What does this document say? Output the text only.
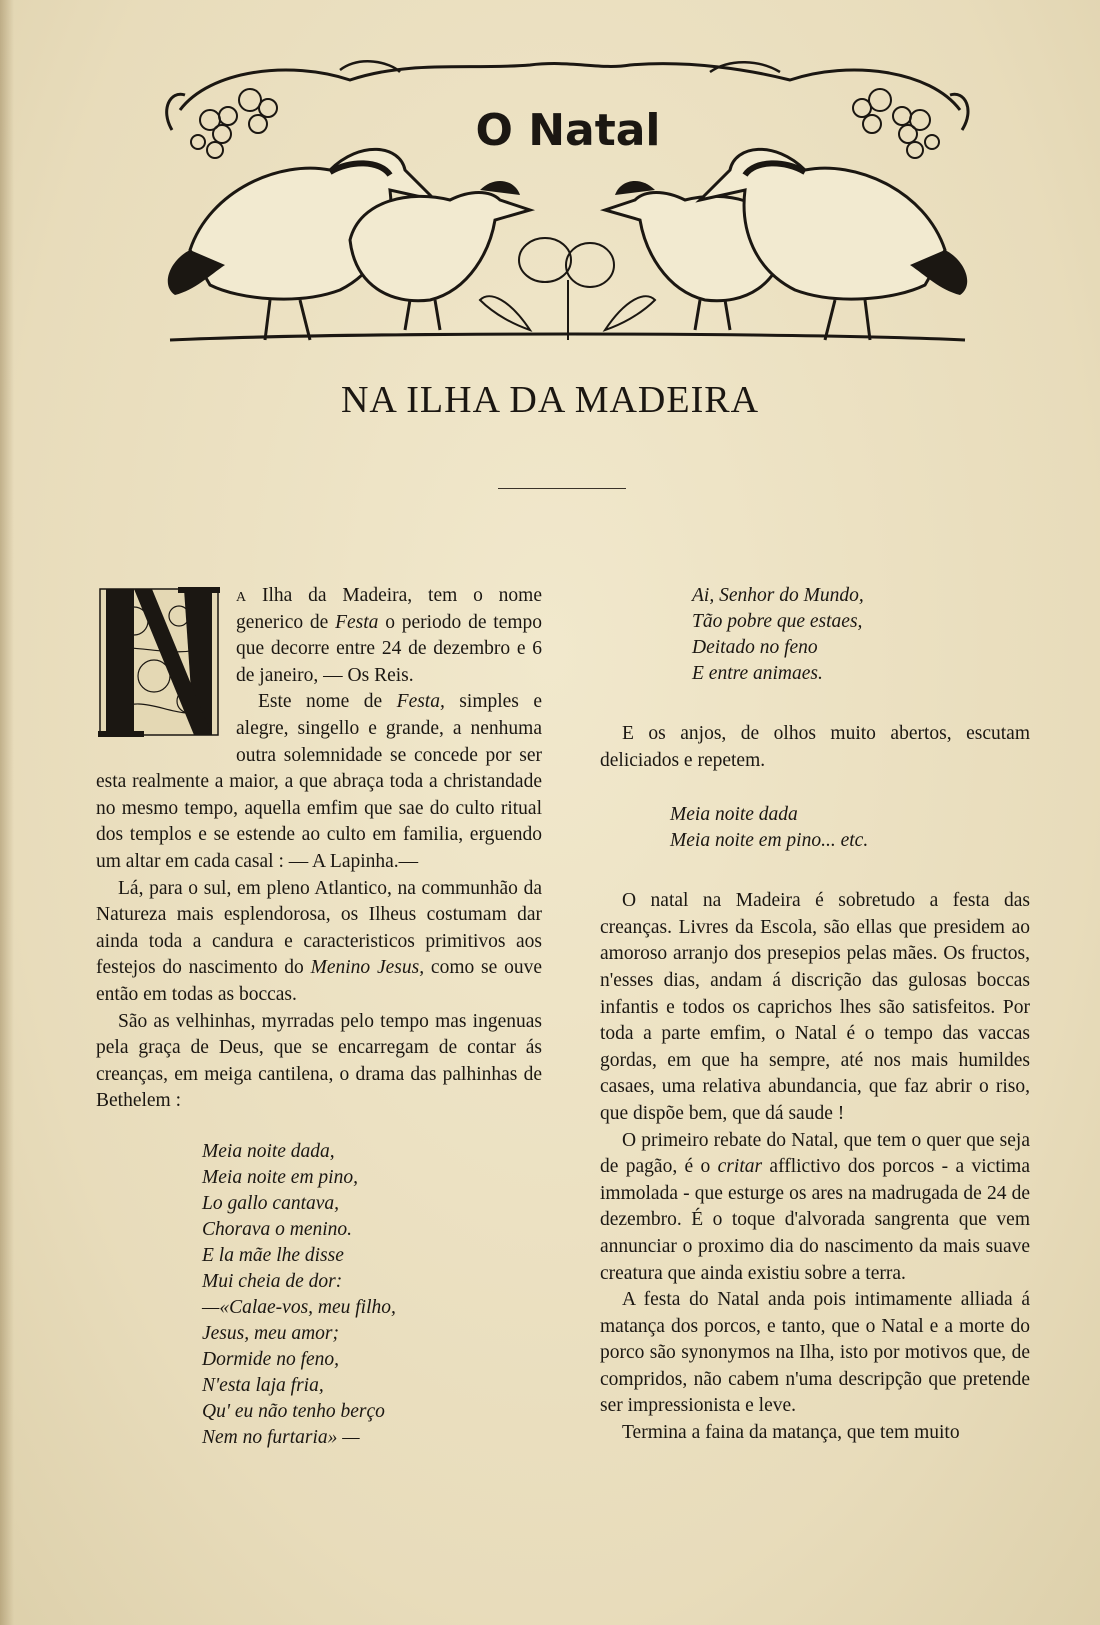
O Natal
NA ILHA DA MADEIRA

a Ilha da Madeira, tem o nome generico de Festa o periodo de tempo que decorre entre 24 de dezembro e 6 de janeiro, — Os Reis.

Este nome de Festa, simples e alegre, singello e grande, a nenhuma outra solemnidade se concede por ser esta realmente a maior, a que abraça toda a christandade no mesmo tempo, aquella emfim que sae do culto ritual dos templos e se estende ao culto em familia, erguendo um altar em cada casal : — A Lapinha.—

Lá, para o sul, em pleno Atlantico, na communhão da Natureza mais esplendorosa, os Ilheus costumam dar ainda toda a candura e caracteristicos primitivos aos festejos do nascimento do Menino Jesus, como se ouve então em todas as boccas.

São as velhinhas, myrradas pelo tempo mas ingenuas pela graça de Deus, que se encarregam de contar ás creanças, em meiga cantilena, o drama das palhinhas de Bethelem :

Meia noite dada,
Meia noite em pino,
Lo gallo cantava,
Chorava o menino.
E la mãe lhe disse
Mui cheia de dor:
—«Calae-vos, meu filho,
Jesus, meu amor;
Dormide no feno,
N'esta laja fria,
Qu' eu não tenho berço
Nem no furtaria» —
Ai, Senhor do Mundo,
Tão pobre que estaes,
Deitado no feno
E entre animaes.

E os anjos, de olhos muito abertos, escutam deliciados e repetem.

Meia noite dada
Meia noite em pino... etc.

O natal na Madeira é sobretudo a festa das creanças. Livres da Escola, são ellas que presidem ao amoroso arranjo dos presepios pelas mães. Os fructos, n'esses dias, andam á discrição das gulosas boccas infantis e todos os caprichos lhes são satisfeitos. Por toda a parte emfim, o Natal é o tempo das vaccas gordas, em que ha sempre, até nos mais humildes casaes, uma relativa abundancia, que faz abrir o riso, que dispõe bem, que dá saude !

O primeiro rebate do Natal, que tem o quer que seja de pagão, é o critar afflictivo dos porcos - a victima immolada - que esturge os ares na madrugada de 24 de dezembro. É o toque d'alvorada sangrenta que vem annunciar o proximo dia do nascimento da mais suave creatura que ainda existiu sobre a terra.

A festa do Natal anda pois intimamente alliada á matança dos porcos, e tanto, que o Natal e a morte do porco são synonymos na Ilha, isto por motivos que, de compridos, não cabem n'uma descripção que pretende ser impressionista e leve.

Termina a faina da matança, que tem muito
